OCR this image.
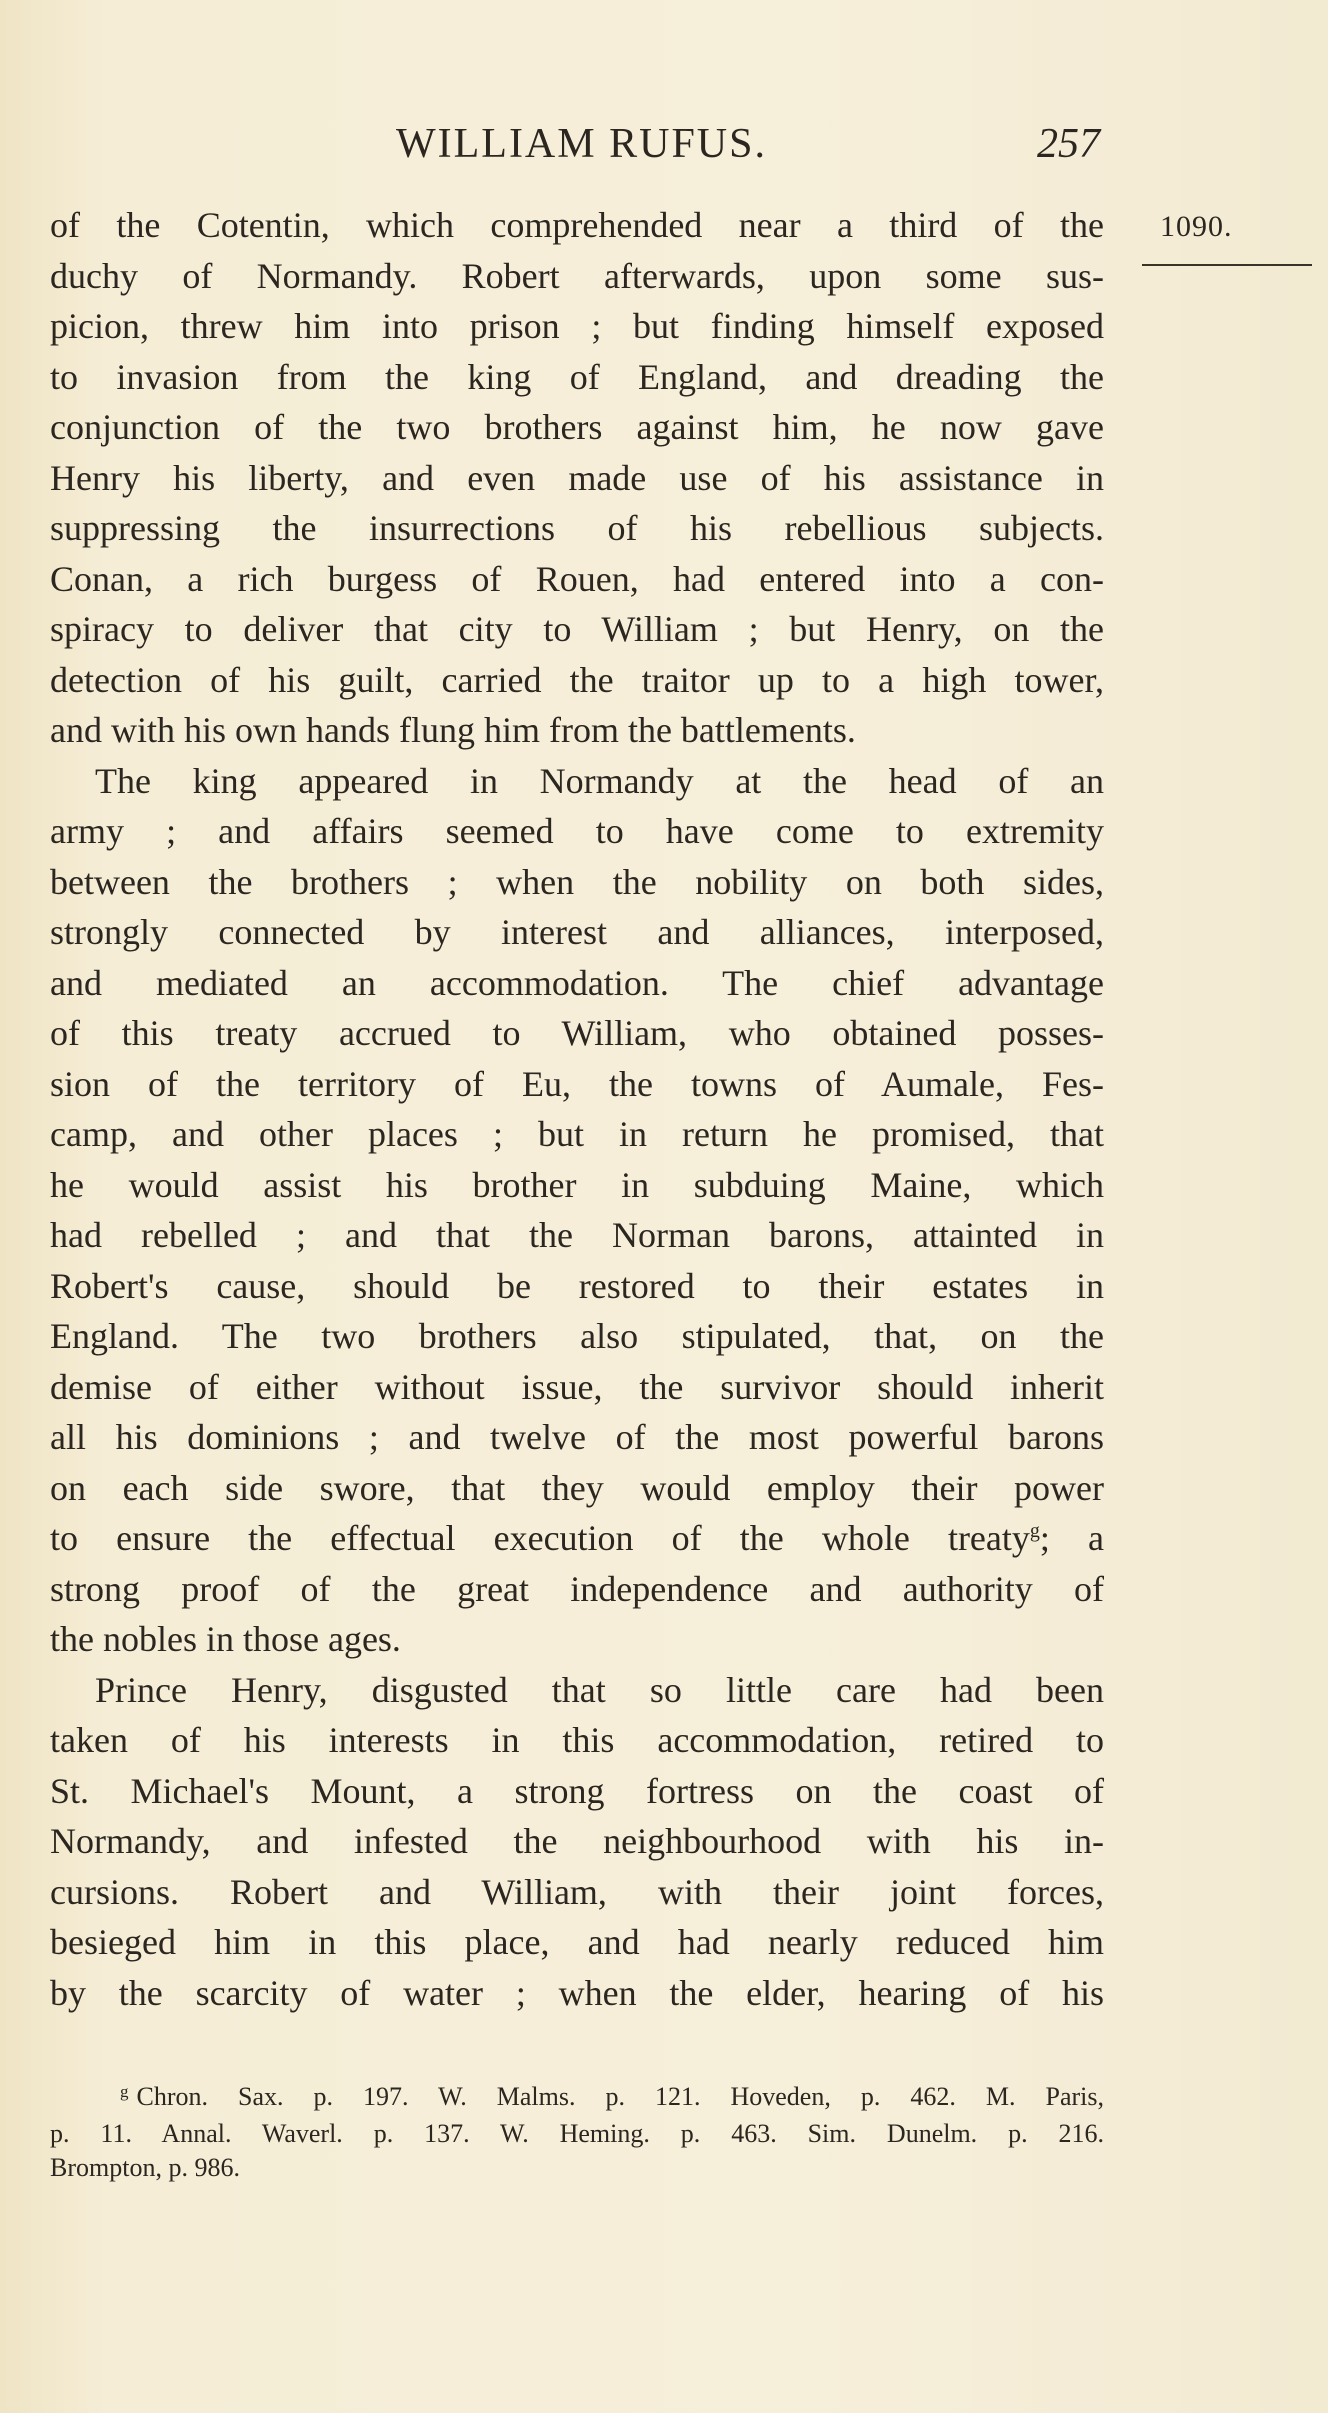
WILLIAM RUFUS.	257
1090.
of the Cotentin, which comprehended near a third of the
duchy of Normandy. Robert afterwards, upon some sus-
picion, threw him into prison ; but finding himself exposed
to invasion from the king of England, and dreading the
conjunction of the two brothers against him, he now gave
Henry his liberty, and even made use of his assistance in
suppressing the insurrections of his rebellious subjects.
Conan, a rich burgess of Rouen, had entered into a con-
spiracy to deliver that city to William ; but Henry, on the
detection of his guilt, carried the traitor up to a high tower,
and with his own hands flung him from the battlements.
The king appeared in Normandy at the head of an
army ; and affairs seemed to have come to extremity
between the brothers ; when the nobility on both sides,
strongly connected by interest and alliances, interposed,
and mediated an accommodation. The chief advantage
of this treaty accrued to William, who obtained posses-
sion of the territory of Eu, the towns of Aumale, Fes-
camp, and other places ; but in return he promised, that
he would assist his brother in subduing Maine, which
had rebelled ; and that the Norman barons, attainted in
Robert's cause, should be restored to their estates in
England. The two brothers also stipulated, that, on the
demise of either without issue, the survivor should inherit
all his dominions ; and twelve of the most powerful barons
on each side swore, that they would employ their power
to ensure the effectual execution of the whole treaty$^g$; a
strong proof of the great independence and authority of
the nobles in those ages.
Prince Henry, disgusted that so little care had been
taken of his interests in this accommodation, retired to
St. Michael's Mount, a strong fortress on the coast of
Normandy, and infested the neighbourhood with his in-
cursions. Robert and William, with their joint forces,
besieged him in this place, and had nearly reduced him
by the scarcity of water ; when the elder, hearing of his
$^g$ Chron. Sax. p. 197. W. Malms. p. 121. Hoveden, p. 462. M. Paris,
p. 11. Annal. Waverl. p. 137. W. Heming. p. 463. Sim. Dunelm. p. 216.
Brompton, p. 986.
